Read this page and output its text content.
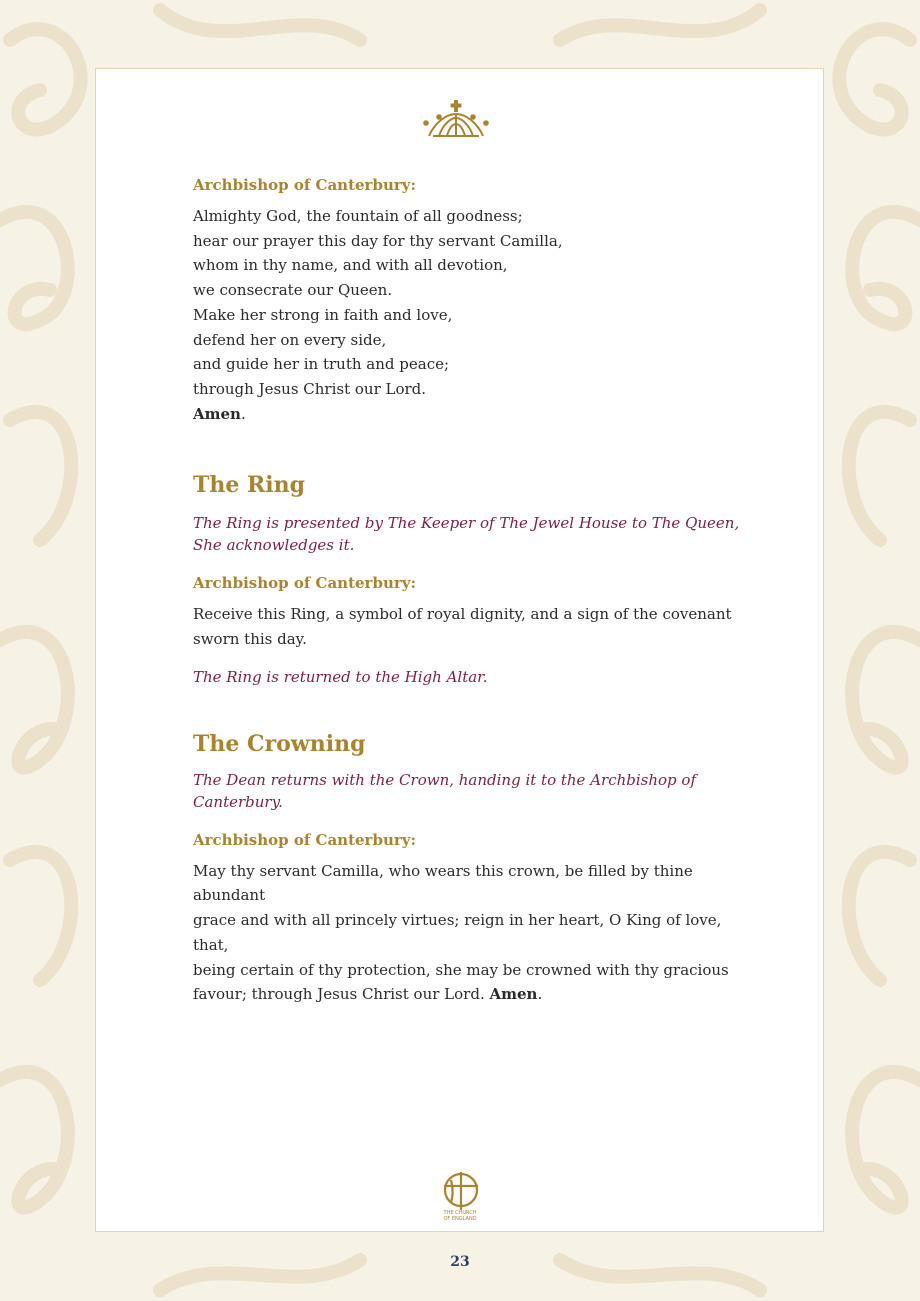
Archbishop of Canterbury:

Almighty God, the fountain of all goodness;

hear our prayer this day for thy servant Camilla,

whom in thy name, and with all devotion,

we consecrate our Queen.

Make her strong in faith and love,

defend her on every side,

and guide her in truth and peace;

through Jesus Christ our Lord.

Amen.

The Ring

The Ring is presented by The Keeper of The Jewel House to The Queen,

She acknowledges it.

Archbishop of Canterbury:

Receive this Ring, a symbol of royal dignity, and a sign of the covenant

sworn this day.

The Ring is returned to the High Altar.

The Crowning

The Dean returns with the Crown, handing it to the Archbishop of

Canterbury.

Archbishop of Canterbury:

May thy servant Camilla, who wears this crown, be filled by thine abundant

grace and with all princely virtues; reign in her heart, O King of love, that,

being certain of thy protection, she may be crowned with thy gracious

favour; through Jesus Christ our Lord. Amen.

THE CHURCH
OF ENGLAND
23
